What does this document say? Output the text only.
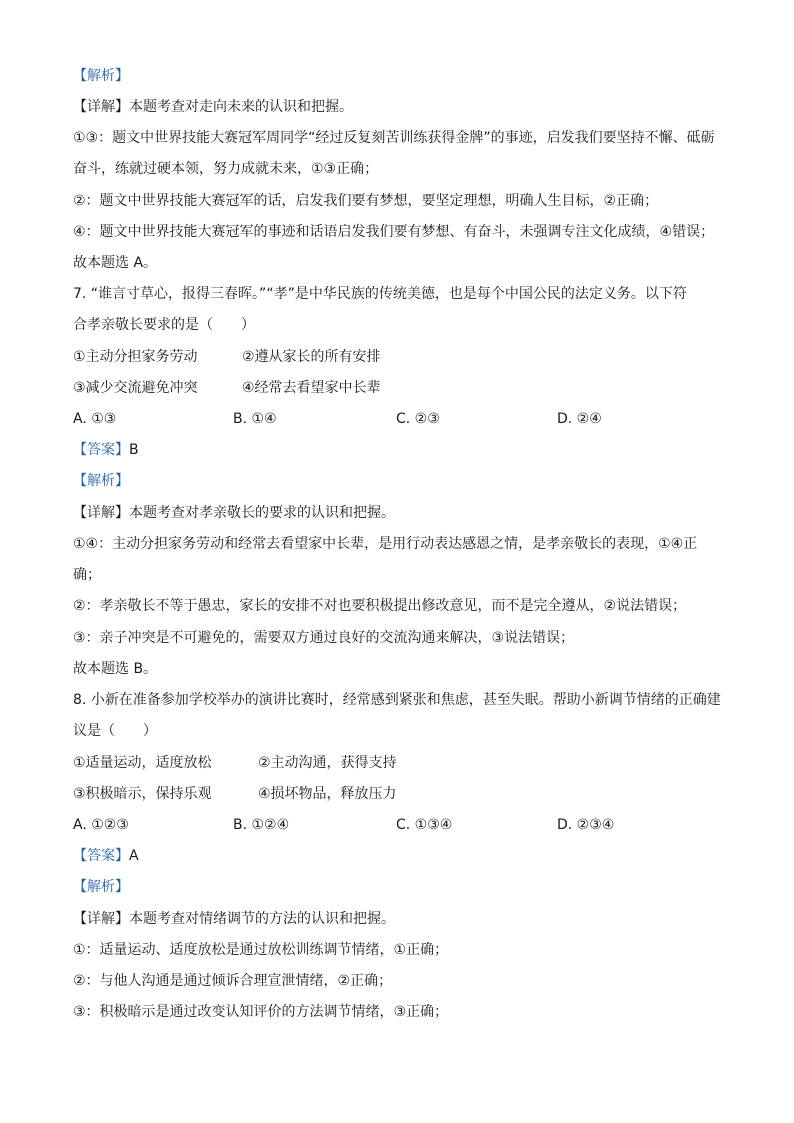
【解析】
【详解】本题考查对走向未来的认识和把握。
①③：题文中世界技能大赛冠军周同学“经过反复刻苦训练获得金牌”的事迹，启发我们要坚持不懈、砥砺
奋斗，练就过硬本领，努力成就未来，①③正确；
②：题文中世界技能大赛冠军的话，启发我们要有梦想，要坚定理想，明确人生目标，②正确；
④：题文中世界技能大赛冠军的事迹和话语启发我们要有梦想、有奋斗，未强调专注文化成绩，④错误；
故本题选 A。
7. “谁言寸草心，报得三春晖。”“孝”是中华民族的传统美德，也是每个中国公民的法定义务。以下符
合孝亲敬长要求的是（　　）
①主动分担家务劳动	②遵从家长的所有安排
③减少交流避免冲突	④经常去看望家中长辈
A. ①③	B. ①④	C. ②③	D. ②④
【答案】B
【解析】
【详解】本题考查对孝亲敬长的要求的认识和把握。
①④：主动分担家务劳动和经常去看望家中长辈，是用行动表达感恩之情，是孝亲敬长的表现，①④正
确；
②：孝亲敬长不等于愚忠，家长的安排不对也要积极提出修改意见，而不是完全遵从，②说法错误；
③：亲子冲突是不可避免的，需要双方通过良好的交流沟通来解决，③说法错误；
故本题选 B。
8. 小新在准备参加学校举办的演讲比赛时，经常感到紧张和焦虑，甚至失眠。帮助小新调节情绪的正确建
议是（　　）
①适量运动，适度放松	②主动沟通，获得支持
③积极暗示，保持乐观	④损坏物品，释放压力
A. ①②③	B. ①②④	C. ①③④	D. ②③④
【答案】A
【解析】
【详解】本题考查对情绪调节的方法的认识和把握。
①：适量运动、适度放松是通过放松训练调节情绪，①正确；
②：与他人沟通是通过倾诉合理宣泄情绪，②正确；
③：积极暗示是通过改变认知评价的方法调节情绪，③正确；
